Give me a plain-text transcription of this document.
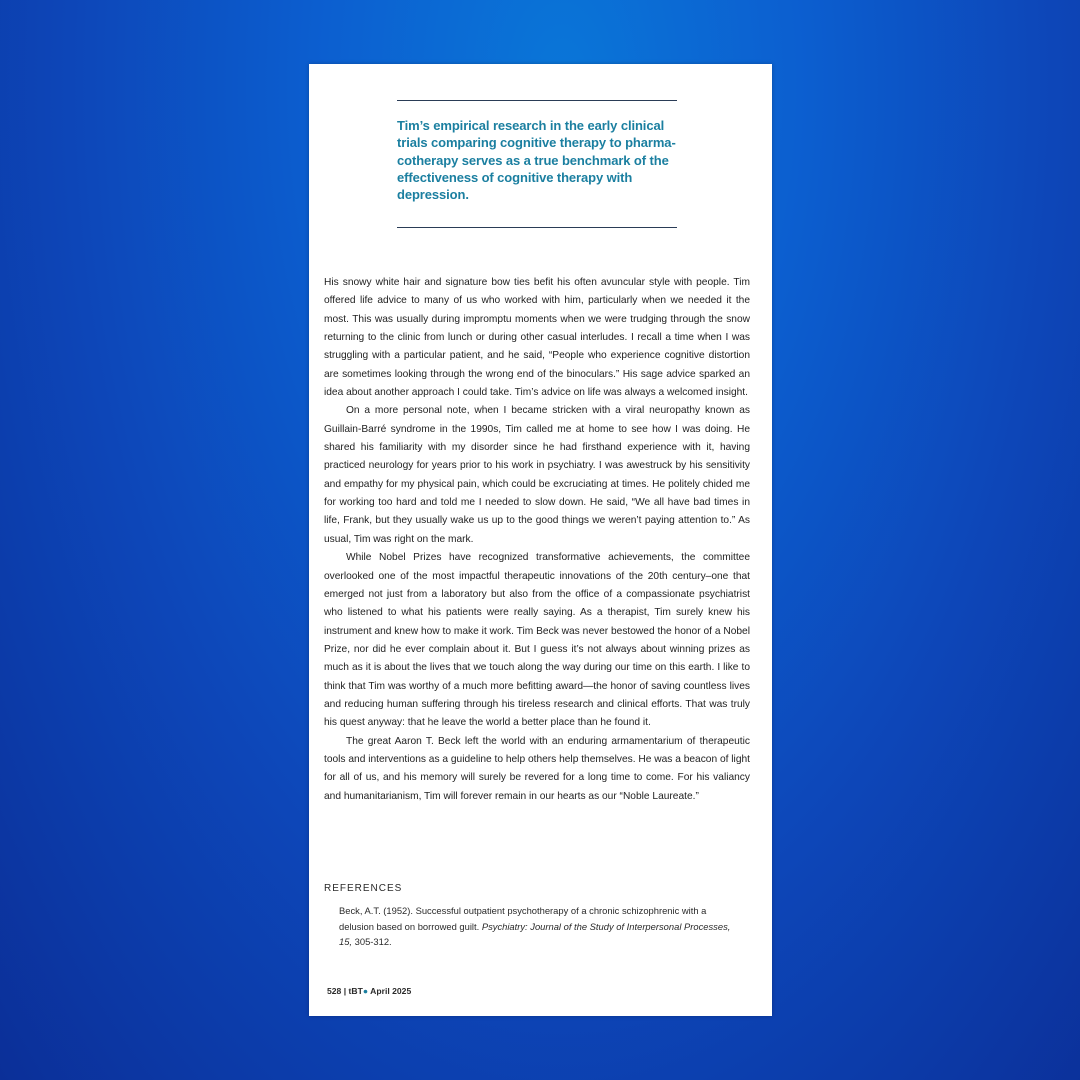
Tim’s empirical research in the early clinical trials comparing cognitive therapy to pharmacotherapy serves as a true benchmark of the effectiveness of cognitive therapy with depression.

His snowy white hair and signature bow ties befit his often avuncular style with people. Tim offered life advice to many of us who worked with him, particularly when we needed it the most. This was usually during impromptu moments when we were trudging through the snow returning to the clinic from lunch or during other casual interludes. I recall a time when I was struggling with a particular patient, and he said, “People who experience cognitive distortion are sometimes looking through the wrong end of the binoculars.” His sage advice sparked an idea about another approach I could take. Tim’s advice on life was always a welcomed insight.

On a more personal note, when I became stricken with a viral neuropathy known as Guillain-Barré syndrome in the 1990s, Tim called me at home to see how I was doing. He shared his familiarity with my disorder since he had firsthand experience with it, having practiced neurology for years prior to his work in psychiatry. I was awestruck by his sensitivity and empathy for my physical pain, which could be excruciating at times. He politely chided me for working too hard and told me I needed to slow down. He said, “We all have bad times in life, Frank, but they usually wake us up to the good things we weren’t paying attention to.” As usual, Tim was right on the mark.

While Nobel Prizes have recognized transformative achievements, the committee overlooked one of the most impactful therapeutic innovations of the 20th century–one that emerged not just from a laboratory but also from the office of a compassionate psychiatrist who listened to what his patients were really saying. As a therapist, Tim surely knew his instrument and knew how to make it work. Tim Beck was never bestowed the honor of a Nobel Prize, nor did he ever complain about it. But I guess it’s not always about winning prizes as much as it is about the lives that we touch along the way during our time on this earth. I like to think that Tim was worthy of a much more befitting award—the honor of saving countless lives and reducing human suffering through his tireless research and clinical efforts. That was truly his quest anyway: that he leave the world a better place than he found it.

The great Aaron T. Beck left the world with an enduring armamentarium of therapeutic tools and interventions as a guideline to help others help themselves. He was a beacon of light for all of us, and his memory will surely be revered for a long time to come. For his valiancy and humanitarianism, Tim will forever remain in our hearts as our “Noble Laureate.”

REFERENCES

Beck, A.T. (1952). Successful outpatient psychotherapy of a chronic schizophrenic with a delusion based on borrowed guilt. Psychiatry: Journal of the Study of Interpersonal Processes, 15, 305-312.

528 | tBT● April 2025
